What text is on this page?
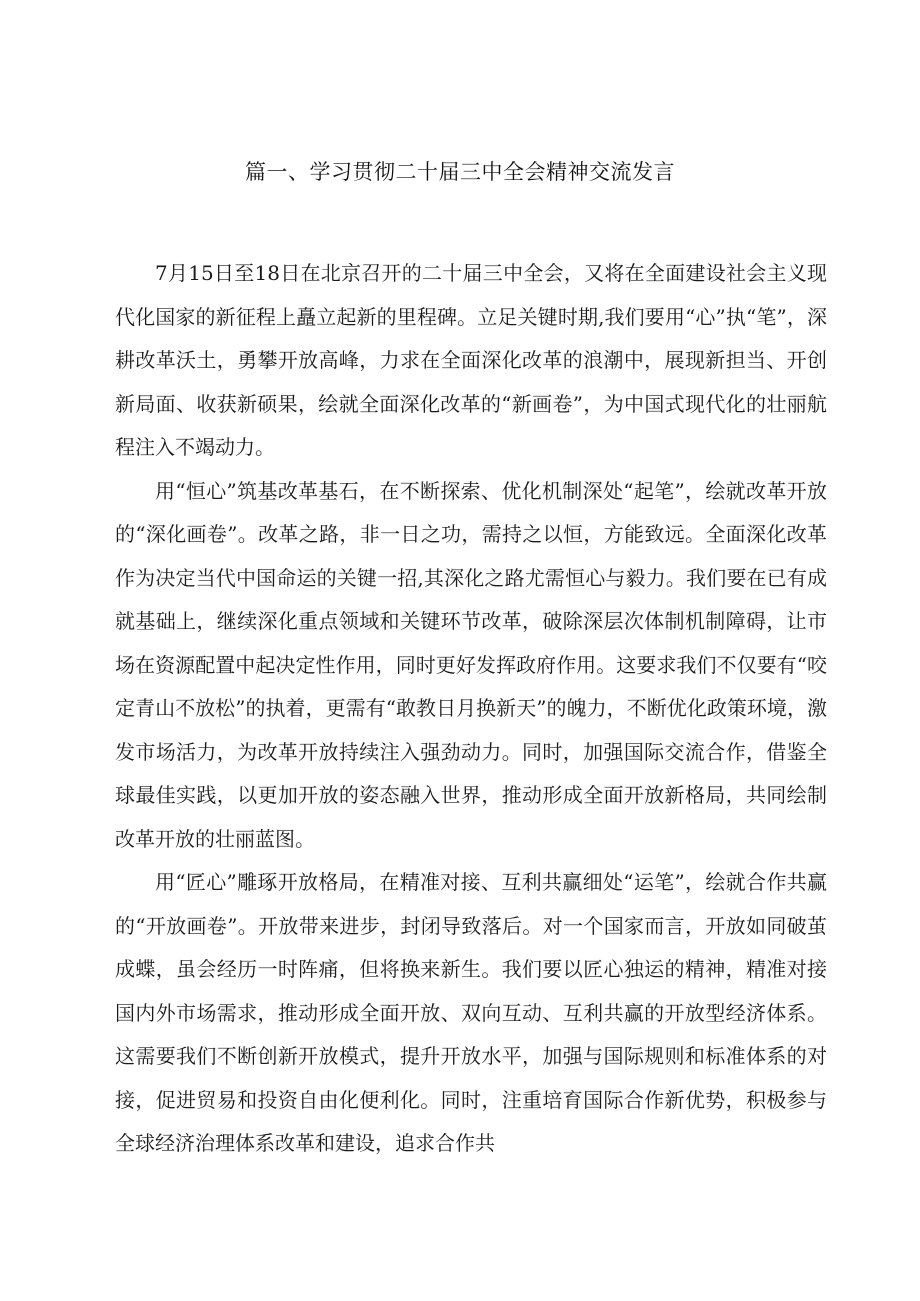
篇一、学习贯彻二十届三中全会精神交流发言

7月15日至18日在北京召开的二十届三中全会，又将在全面建设社会主义现代化国家的新征程上矗立起新的里程碑。立足关键时期,我们要用“心”执“笔”，深耕改革沃土，勇攀开放高峰，力求在全面深化改革的浪潮中，展现新担当、开创新局面、收获新硕果，绘就全面深化改革的“新画卷”，为中国式现代化的壮丽航程注入不竭动力。

用“恒心”筑基改革基石，在不断探索、优化机制深处“起笔”，绘就改革开放的“深化画卷”。改革之路，非一日之功，需持之以恒，方能致远。全面深化改革作为决定当代中国命运的关键一招,其深化之路尤需恒心与毅力。我们要在已有成就基础上，继续深化重点领域和关键环节改革，破除深层次体制机制障碍，让市场在资源配置中起决定性作用，同时更好发挥政府作用。这要求我们不仅要有“咬定青山不放松”的执着，更需有“敢教日月换新天”的魄力，不断优化政策环境，激发市场活力，为改革开放持续注入强劲动力。同时，加强国际交流合作，借鉴全球最佳实践，以更加开放的姿态融入世界，推动形成全面开放新格局，共同绘制改革开放的壮丽蓝图。

用“匠心”雕琢开放格局，在精准对接、互利共赢细处“运笔”，绘就合作共赢的“开放画卷”。开放带来进步，封闭导致落后。对一个国家而言，开放如同破茧成蝶，虽会经历一时阵痛，但将换来新生。我们要以匠心独运的精神，精准对接国内外市场需求，推动形成全面开放、双向互动、互利共赢的开放型经济体系。这需要我们不断创新开放模式，提升开放水平，加强与国际规则和标准体系的对接，促进贸易和投资自由化便利化。同时，注重培育国际合作新优势，积极参与全球经济治理体系改革和建设，追求合作共
